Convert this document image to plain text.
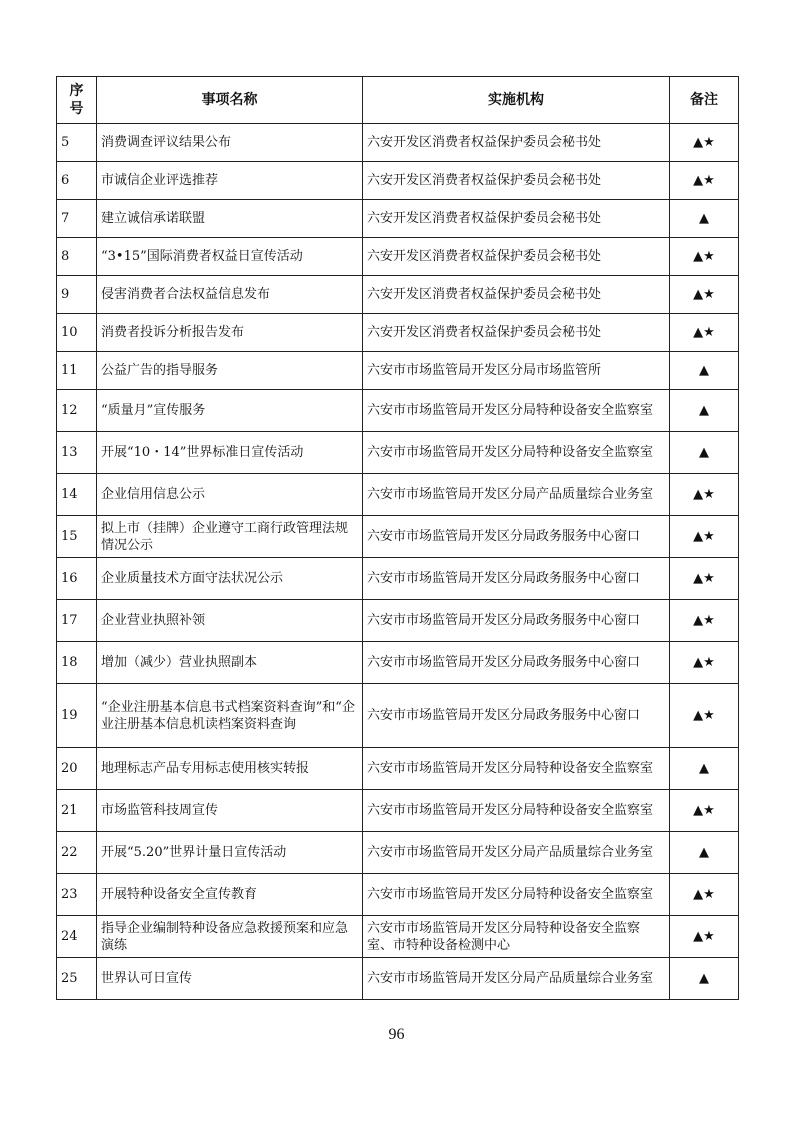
序号	事项名称	实施机构	备注
5	消费调查评议结果公布	六安开发区消费者权益保护委员会秘书处	▲★
6	市诚信企业评选推荐	六安开发区消费者权益保护委员会秘书处	▲★
7	建立诚信承诺联盟	六安开发区消费者权益保护委员会秘书处	▲
8	“3•15”国际消费者权益日宣传活动	六安开发区消费者权益保护委员会秘书处	▲★
9	侵害消费者合法权益信息发布	六安开发区消费者权益保护委员会秘书处	▲★
10	消费者投诉分析报告发布	六安开发区消费者权益保护委员会秘书处	▲★
11	公益广告的指导服务	六安市市场监管局开发区分局市场监管所	▲
12	“质量月”宣传服务	六安市市场监管局开发区分局特种设备安全监察室	▲
13	开展“10・14”世界标准日宣传活动	六安市市场监管局开发区分局特种设备安全监察室	▲
14	企业信用信息公示	六安市市场监管局开发区分局产品质量综合业务室	▲★
15	拟上市（挂牌）企业遵守工商行政管理法规情况公示	六安市市场监管局开发区分局政务服务中心窗口	▲★
16	企业质量技术方面守法状况公示	六安市市场监管局开发区分局政务服务中心窗口	▲★
17	企业营业执照补领	六安市市场监管局开发区分局政务服务中心窗口	▲★
18	增加（减少）营业执照副本	六安市市场监管局开发区分局政务服务中心窗口	▲★
19	“企业注册基本信息书式档案资料查询”和“企业注册基本信息机读档案资料查询	六安市市场监管局开发区分局政务服务中心窗口	▲★
20	地理标志产品专用标志使用核实转报	六安市市场监管局开发区分局特种设备安全监察室	▲
21	市场监管科技周宣传	六安市市场监管局开发区分局特种设备安全监察室	▲★
22	开展“5.20”世界计量日宣传活动	六安市市场监管局开发区分局产品质量综合业务室	▲
23	开展特种设备安全宣传教育	六安市市场监管局开发区分局特种设备安全监察室	▲★
24	指导企业编制特种设备应急救援预案和应急演练	六安市市场监管局开发区分局特种设备安全监察室、市特种设备检测中心	▲★
25	世界认可日宣传	六安市市场监管局开发区分局产品质量综合业务室	▲
96
